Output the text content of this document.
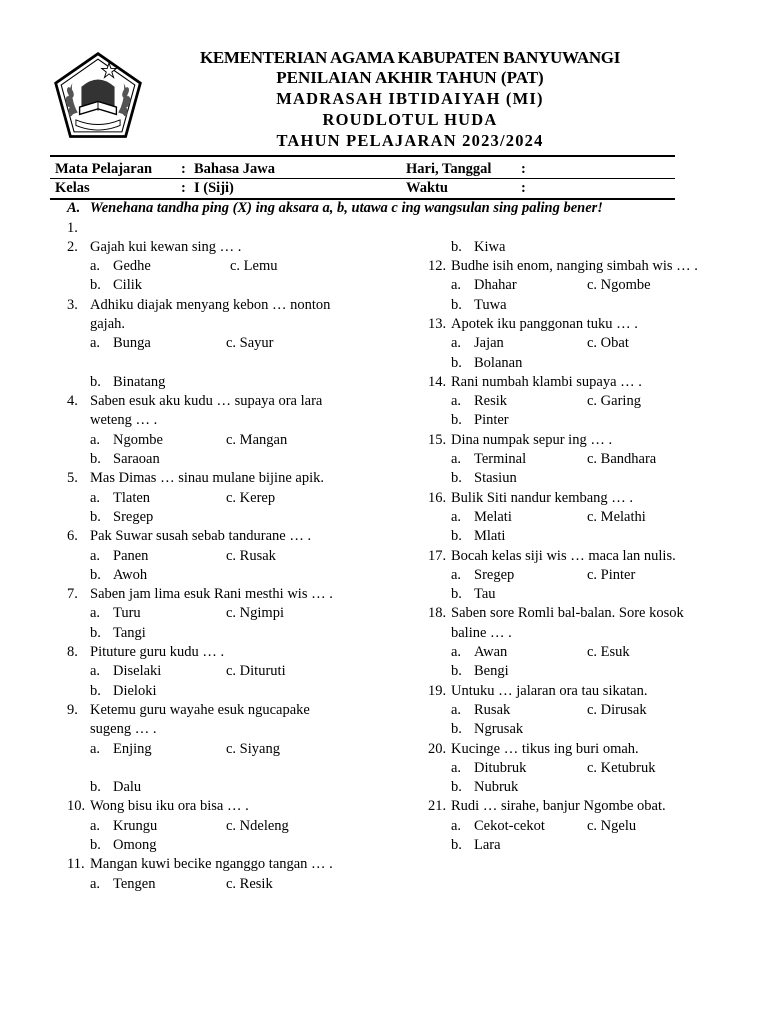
KEMENTERIAN AGAMA KABUPATEN BANYUWANGI
PENILAIAN AKHIR TAHUN (PAT)
MADRASAH IBTIDAIYAH (MI)
ROUDLOTUL HUDA
TAHUN PELAJARAN 2023/2024
Mata Pelajaran : Bahasa Jawa
Kelas	: I (Siji)
Hari, Tanggal :
Waktu	:
A. Wenehana tandha ping (X) ing aksara a, b, utawa c ing wangsulan sing paling bener!
1.

2. Gajah kui kewan sing … .
a. Gedhe	c. Lemu
b. Cilik
3. Adhiku diajak menyang kebon … nonton gajah.
a. Bunga	c. Sayur
b. Binatang
4. Saben esuk aku kudu … supaya ora lara weteng … .
a. Ngombe	c. Mangan
b. Saraoan
5. Mas Dimas … sinau mulane bijine apik.
a. Tlaten	c. Kerep
b. Sregep
6. Pak Suwar susah sebab tandurane … .
a. Panen	c. Rusak
b. Awoh
7. Saben jam lima esuk Rani mesthi wis … .
a. Turu	c. Ngimpi
b. Tangi
8. Pituture guru kudu … .
a. Diselaki	c. Dituruti
b. Dieloki
9. Ketemu guru wayahe esuk ngucapake sugeng … .
a. Enjing	c. Siyang
b. Dalu
10. Wong bisu iku ora bisa … .
a. Krungu	c. Ndeleng
b. Omong
11. Mangan kuwi becike nganggo tangan … .
a. Tengen	c. Resik
b. Kiwa
12. Budhe isih enom, nanging simbah wis … .
a. Dhahar	c. Ngombe
b. Tuwa
13. Apotek iku panggonan tuku … .
a. Jajan	c. Obat
b. Bolanan
14. Rani numbah klambi supaya … .
a. Resik	c. Garing
b. Pinter
15. Dina numpak sepur ing … .
a. Terminal	c. Bandhara
b. Stasiun
16. Bulik Siti nandur kembang … .
a. Melati	c. Melathi
b. Mlati
17. Bocah kelas siji wis … maca lan nulis.
a. Sregep	c. Pinter
b. Tau
18. Saben sore Romli bal-balan. Sore kosok baline … .
a. Awan	c. Esuk
b. Bengi
19. Untuku … jalaran ora tau sikatan.
a. Rusak	c. Dirusak
b. Ngrusak
20. Kucinge … tikus ing buri omah.
a. Ditubruk	c. Ketubruk
b. Nubruk
21. Rudi … sirahe, banjur Ngombe obat.
a. Cekot-cekot	c. Ngelu
b. Lara
